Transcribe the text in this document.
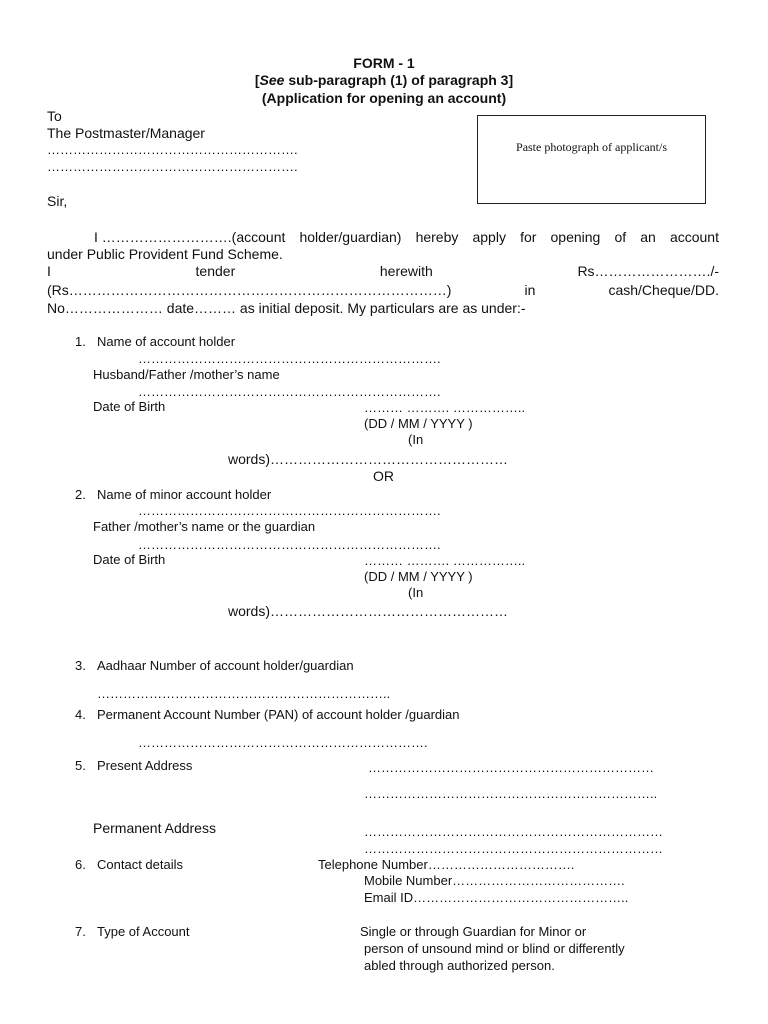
FORM - 1
[See sub-paragraph (1) of paragraph 3]
(Application for opening an account)
To
The Postmaster/Manager
………………………………………………….
………………………………………………….
Paste photograph of applicant/s
Sir,
I ……………………….(account holder/guardian) hereby apply for opening of an account
under Public Provident Fund Scheme.
I	tender	herewith	Rs……………………./-
(Rs………………………………………………………………………)	in	cash/Cheque/DD.
No………………… date……… as initial deposit. My particulars are as under:-
1. Name of account holder
…………………………………………………………….
Husband/Father /mother’s name
…………………………………………………………….
Date of Birth	……… ………. ……………..
(DD / MM / YYYY )
(In
words)……………………………………………
OR
2. Name of minor account holder
…………………………………………………………….
Father /mother’s name or the guardian
…………………………………………………………….
Date of Birth	……… ………. ……………..
(DD / MM / YYYY )
(In
words)……………………………………………
3. Aadhaar Number of account holder/guardian
…………………………………………………………..
4. Permanent Account Number (PAN) of account holder /guardian
………………………………………………………….
5. Present Address	…………………………………………………………
…………………………………………………………..
Permanent Address	……………………………………………………………
……………………………………………………………
6. Contact details	Telephone Number…………………………….
Mobile Number………………………………….
Email ID…………………………………………..
7. Type of Account	Single or through Guardian for Minor or
person of unsound mind or blind or differently
abled through authorized person.
